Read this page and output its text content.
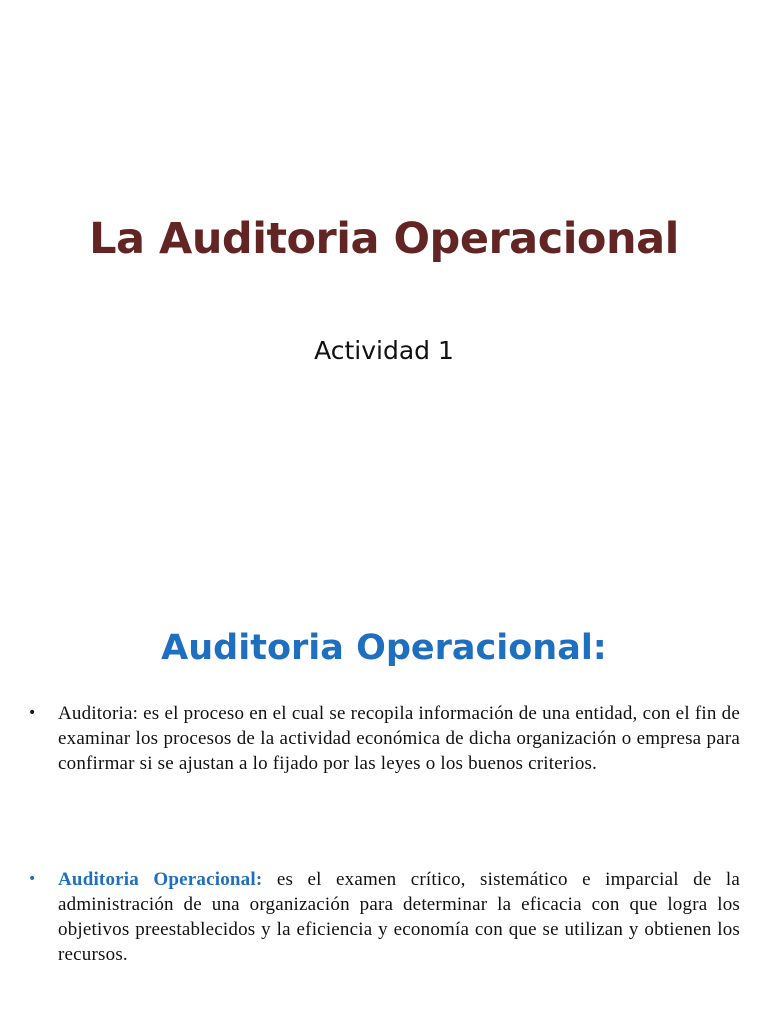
La Auditoria Operacional

Actividad 1

Auditoria Operacional:
•	Auditoria: es el proceso en el cual se recopila información de una entidad, con el fin de examinar los procesos de la actividad económica de dicha organización o empresa para confirmar si se ajustan a lo fijado por las leyes o los buenos criterios.
•	Auditoria Operacional: es el examen crítico, sistemático e imparcial de la administración de una organización para determinar la eficacia con que logra los objetivos preestablecidos y la eficiencia y economía con que se utilizan y obtienen los recursos.
